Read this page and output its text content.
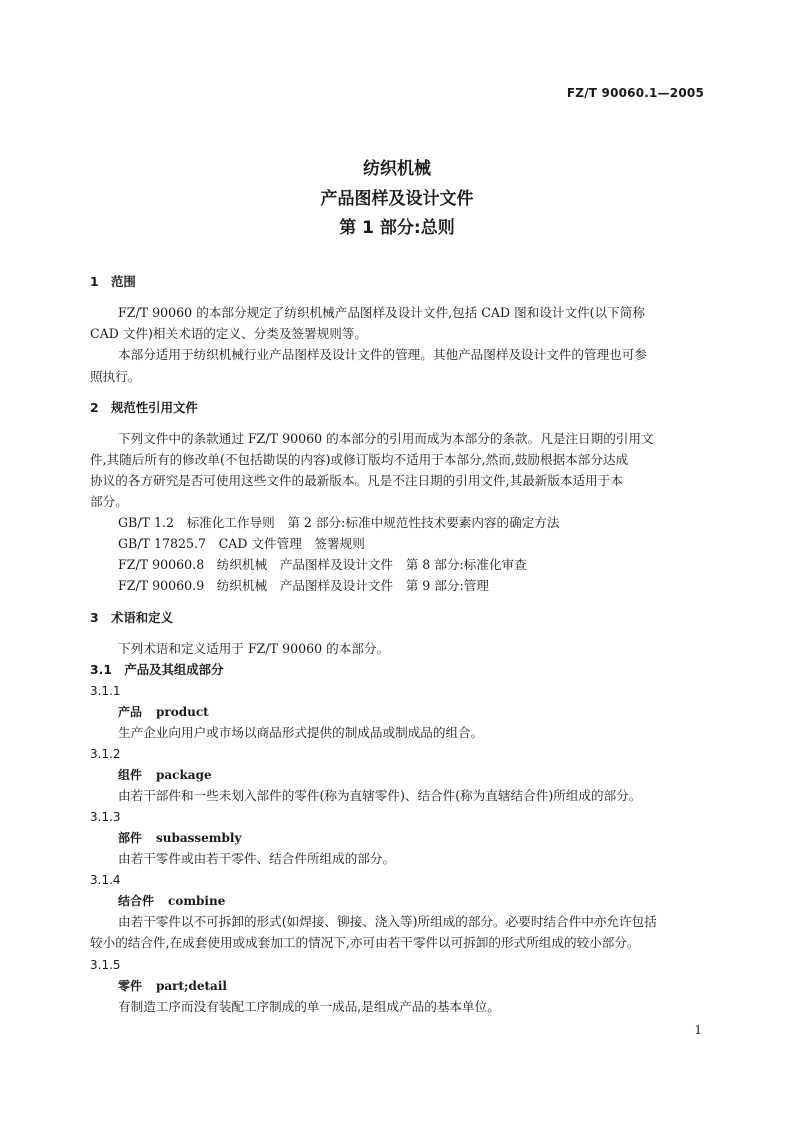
FZ/T 90060.1—2005
纺织机械
产品图样及设计文件
第 1 部分:总则
1　范围
FZ/T 90060 的本部分规定了纺织机械产品图样及设计文件,包括 CAD 图和设计文件(以下简称
CAD 文件)相关术语的定义、分类及签署规则等。
本部分适用于纺织机械行业产品图样及设计文件的管理。其他产品图样及设计文件的管理也可参
照执行。
2　规范性引用文件
下列文件中的条款通过 FZ/T 90060 的本部分的引用而成为本部分的条款。凡是注日期的引用文
件,其随后所有的修改单(不包括勘误的内容)或修订版均不适用于本部分,然而,鼓励根据本部分达成
协议的各方研究是否可使用这些文件的最新版本。凡是不注日期的引用文件,其最新版本适用于本
部分。
GB/T 1.2　标准化工作导则　第 2 部分:标准中规范性技术要素内容的确定方法
GB/T 17825.7　CAD 文件管理　签署规则
FZ/T 90060.8　纺织机械　产品图样及设计文件　第 8 部分:标准化审查
FZ/T 90060.9　纺织机械　产品图样及设计文件　第 9 部分:管理
3　术语和定义
下列术语和定义适用于 FZ/T 90060 的本部分。
3.1　产品及其组成部分
3.1.1
产品 product
生产企业向用户或市场以商品形式提供的制成品或制成品的组合。
3.1.2
组件 package
由若干部件和一些未划入部件的零件(称为直辖零件)、结合件(称为直辖结合件)所组成的部分。
3.1.3
部件 subassembly
由若干零件或由若干零件、结合件所组成的部分。
3.1.4
结合件 combine
由若干零件以不可拆卸的形式(如焊接、铆接、浇入等)所组成的部分。必要时结合件中亦允许包括
较小的结合件,在成套使用或成套加工的情况下,亦可由若干零件以可拆卸的形式所组成的较小部分。
3.1.5
零件 part;detail
有制造工序而没有装配工序制成的单一成品,是组成产品的基本单位。
1
